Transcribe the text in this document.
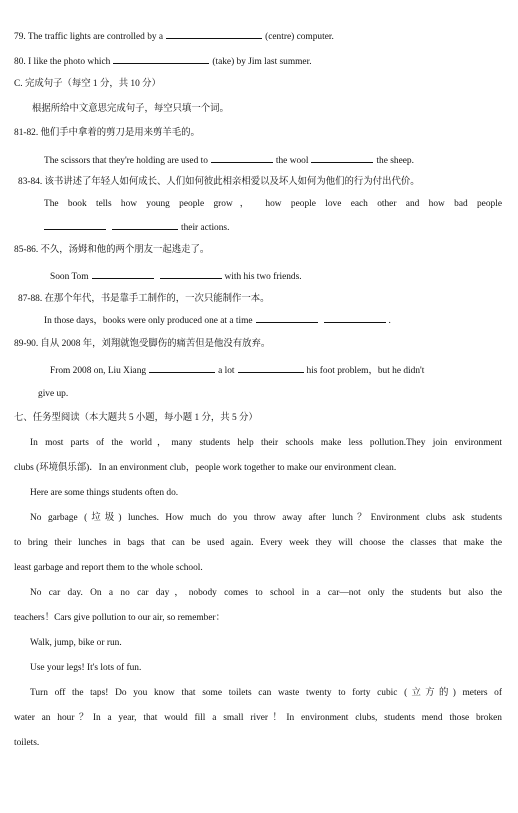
79. The traffic lights are controlled by a	(centre) computer.
80. I like the photo which	(take) by Jim last summer.
C. 完成句子（每空 1 分，共 10 分）
根据所给中文意思完成句子，每空只填一个词。
81-82. 他们手中拿着的剪刀是用来剪羊毛的。
The scissors that they're holding are used to	the wool	the sheep.
83-84. 该书讲述了年轻人如何成长、人们如何彼此相亲相爱以及坏人如何为他们的行为付出代价。
The book tells how young people grow， how people love each other and how bad people
their actions.
85-86. 不久，汤姆和他的两个朋友一起逃走了。
Soon Tom	with his two friends.
87-88. 在那个年代，书是靠手工制作的，一次只能制作一本。
In those days，books were only produced one at a time	.
89-90. 自从 2008 年，刘翔就饱受脚伤的痛苦但是他没有放弃。
From 2008 on, Liu Xiang	a lot	his foot problem，but he didn't
give up.
七、任务型阅读（本大题共 5 小题，每小题 1 分，共 5 分）
In most parts of the world，many students help their schools make less pollution.They join environment
clubs (环境俱乐部)．In an environment club，people work together to make our environment clean.
Here are some things students often do.
No garbage (垃圾) lunches. How much do you throw away after lunch？Environment clubs ask students
to bring their lunches in bags that can be used again. Every week they will choose the classes that make the
least garbage and report them to the whole school.
No car day. On a no car day，nobody comes to school in a car—not only the students but also the
teachers！Cars give pollution to our air, so remember：
Walk, jump, bike or run.
Use your legs! It's lots of fun.
Turn off the taps! Do you know that some toilets can waste twenty to forty cubic (立方的) meters of
water an hour？In a year, that would fill a small river！In environment clubs, students mend those broken
toilets.
